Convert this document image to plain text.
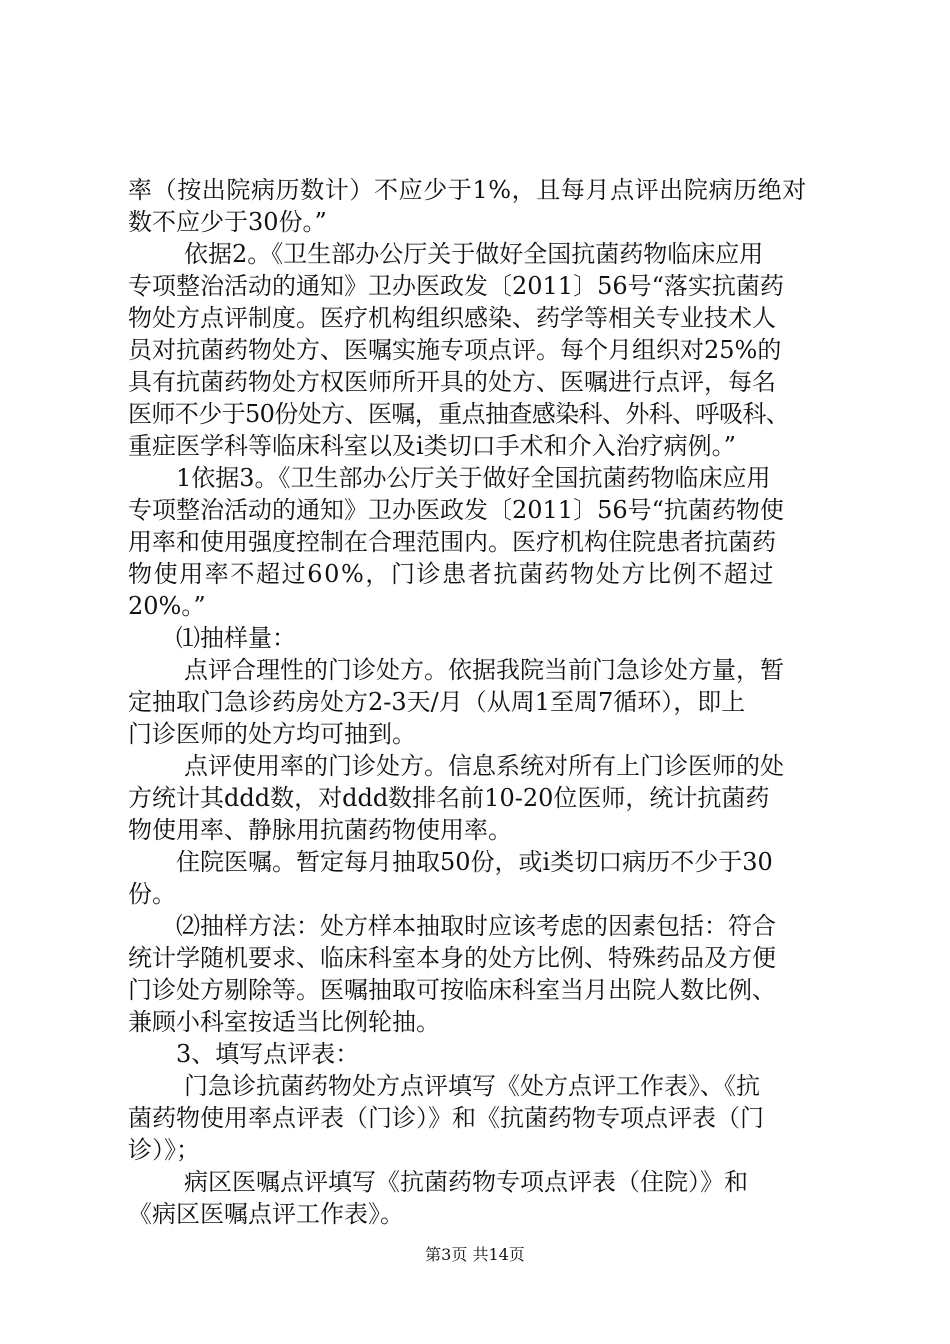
率（按出院病历数计）不应少于1%，且每月点评出院病历绝对
数不应少于30份。”
　依据2。《卫生部办公厅关于做好全国抗菌药物临床应用
专项整治活动的通知》卫办医政发〔2011〕56号“落实抗菌药
物处方点评制度。医疗机构组织感染、药学等相关专业技术人
员对抗菌药物处方、医嘱实施专项点评。每个月组织对25%的
具有抗菌药物处方权医师所开具的处方、医嘱进行点评，每名
医师不少于50份处方、医嘱，重点抽查感染科、外科、呼吸科、
重症医学科等临床科室以及i类切口手术和介入治疗病例。”
1依据3。《卫生部办公厅关于做好全国抗菌药物临床应用
专项整治活动的通知》卫办医政发〔2011〕56号“抗菌药物使
用率和使用强度控制在合理范围内。医疗机构住院患者抗菌药
物使用率不超过60%，门诊患者抗菌药物处方比例不超过
20%。”
⑴抽样量：
　点评合理性的门诊处方。依据我院当前门急诊处方量，暂
定抽取门急诊药房处方2-3天/月（从周1至周7循环），即上
门诊医师的处方均可抽到。
　点评使用率的门诊处方。信息系统对所有上门诊医师的处
方统计其ddd数，对ddd数排名前10-20位医师，统计抗菌药
物使用率、静脉用抗菌药物使用率。
住院医嘱。暂定每月抽取50份，或i类切口病历不少于30
份。
⑵抽样方法：处方样本抽取时应该考虑的因素包括：符合
统计学随机要求、临床科室本身的处方比例、特殊药品及方便
门诊处方剔除等。医嘱抽取可按临床科室当月出院人数比例、
兼顾小科室按适当比例轮抽。
3、填写点评表：
　门急诊抗菌药物处方点评填写《处方点评工作表》、《抗
菌药物使用率点评表（门诊）》和《抗菌药物专项点评表（门
诊）》；
　病区医嘱点评填写《抗菌药物专项点评表（住院）》和
《病区医嘱点评工作表》。
第3页 共14页
